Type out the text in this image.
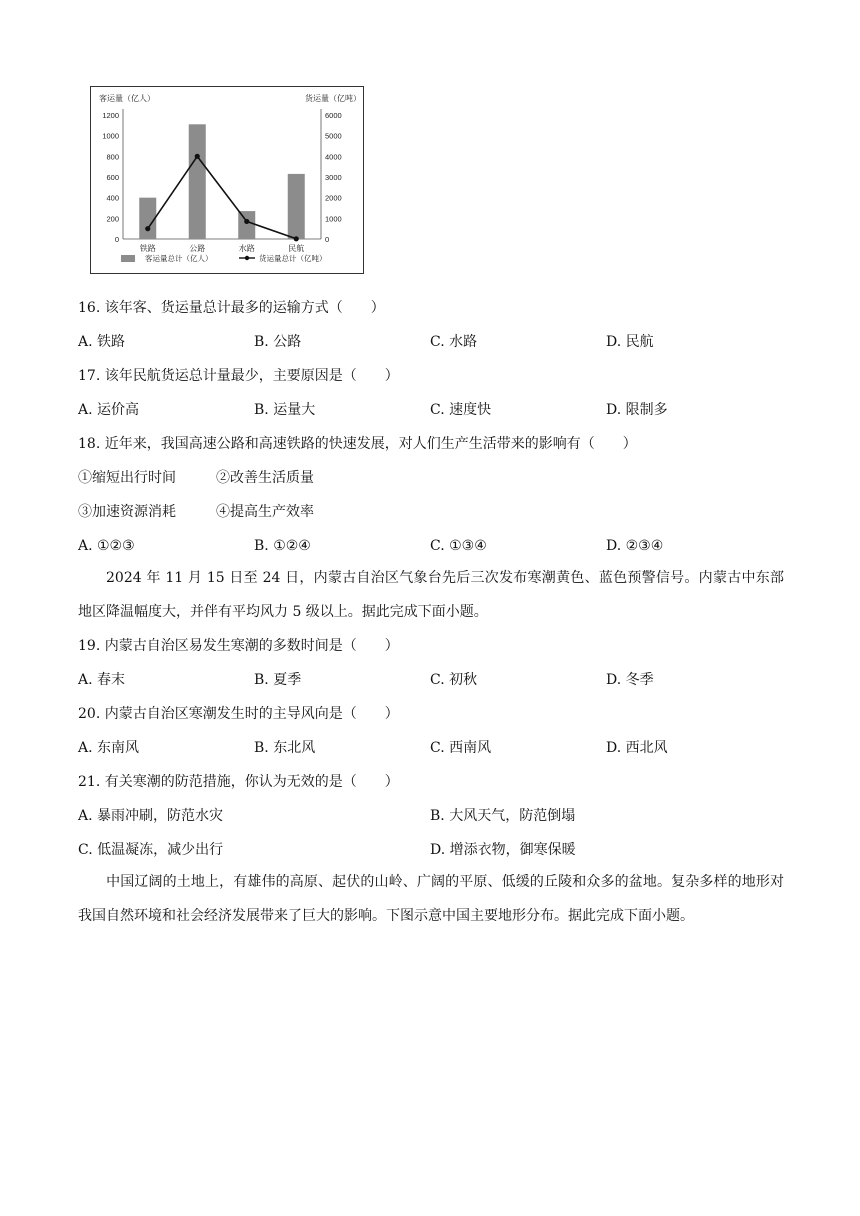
客运量（亿人）	货运量（亿吨）
0
200
400
600
800
1000
1200
0
1000
2000
3000
4000
5000
6000
铁路	公路	水路	民航
客运量总计（亿人）	货运量总计（亿吨）
16. 该年客、货运量总计最多的运输方式（　　）
A. 铁路	B. 公路	C. 水路	D. 民航
17. 该年民航货运总计量最少，主要原因是（　　）
A. 运价高	B. 运量大	C. 速度快	D. 限制多
18. 近年来，我国高速公路和高速铁路的快速发展，对人们生产生活带来的影响有（　　）
①缩短出行时间	②改善生活质量
③加速资源消耗	④提高生产效率
A. ①②③	B. ①②④	C. ①③④	D. ②③④
2024 年 11 月 15 日至 24 日，内蒙古自治区气象台先后三次发布寒潮黄色、蓝色预警信号。内蒙古中东部地区降温幅度大，并伴有平均风力 5 级以上。据此完成下面小题。
19. 内蒙古自治区易发生寒潮的多数时间是（　　）
A. 春末	B. 夏季	C. 初秋	D. 冬季
20. 内蒙古自治区寒潮发生时的主导风向是（　　）
A. 东南风	B. 东北风	C. 西南风	D. 西北风
21. 有关寒潮的防范措施，你认为无效的是（　　）
A. 暴雨冲刷，防范水灾	B. 大风天气，防范倒塌
C. 低温凝冻，减少出行	D. 增添衣物，御寒保暖
中国辽阔的土地上，有雄伟的高原、起伏的山岭、广阔的平原、低缓的丘陵和众多的盆地。复杂多样的地形对我国自然环境和社会经济发展带来了巨大的影响。下图示意中国主要地形分布。据此完成下面小题。
